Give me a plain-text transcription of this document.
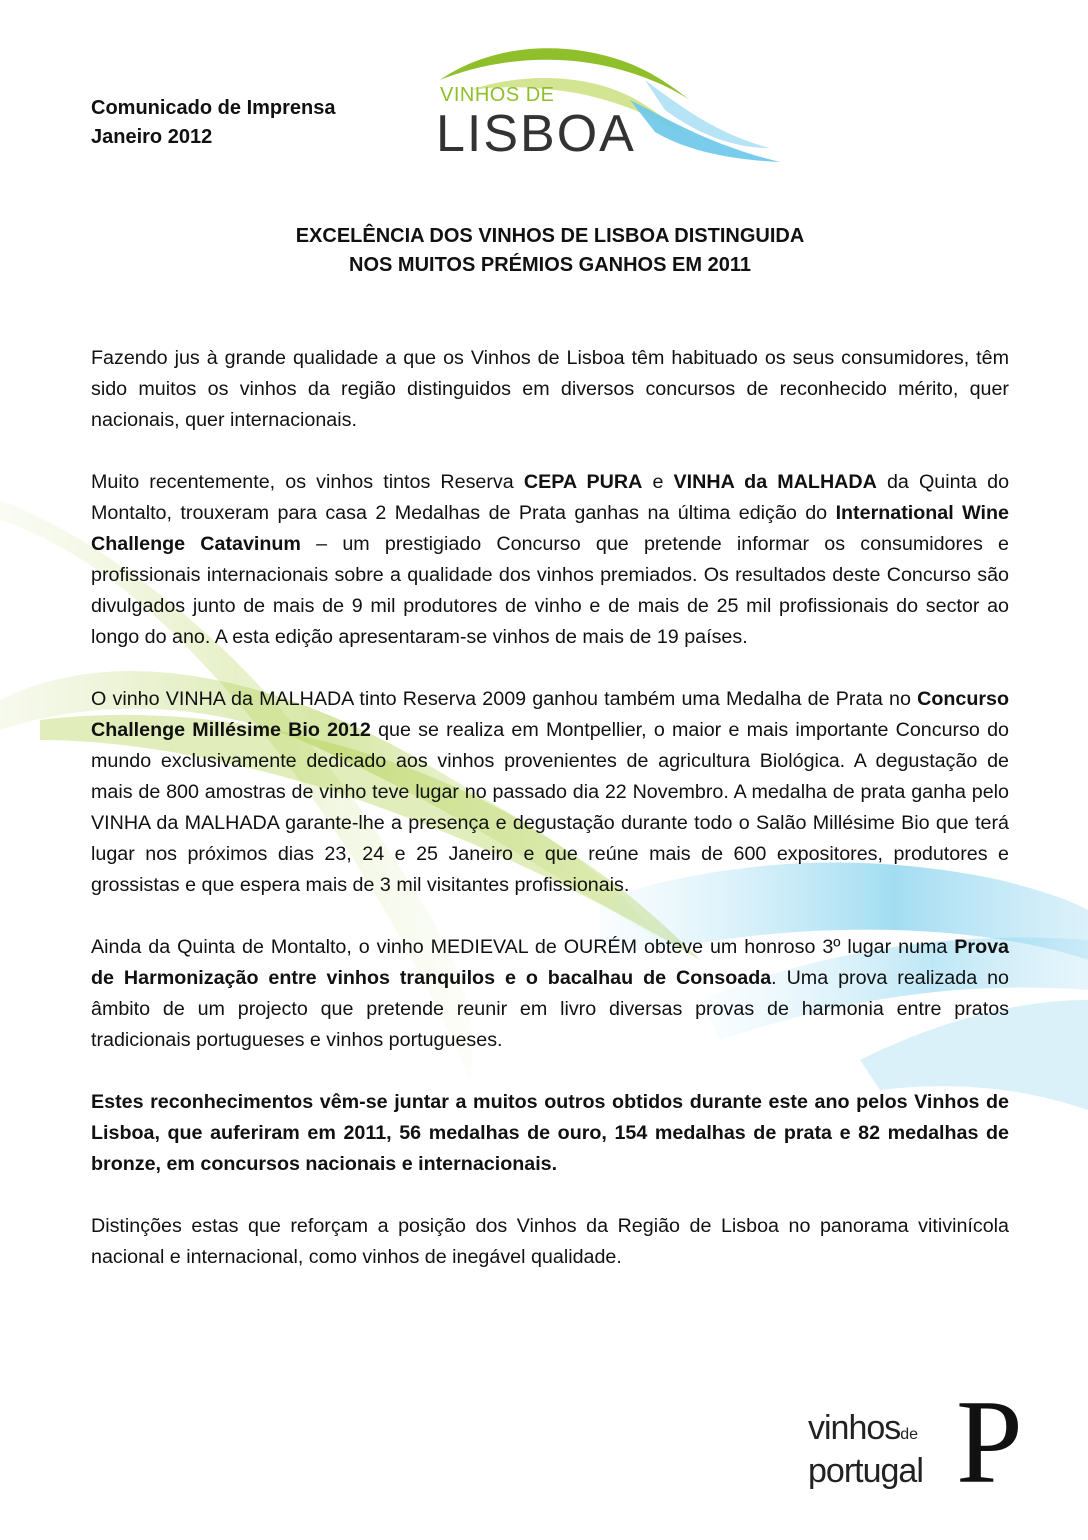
Comunicado de Imprensa
Janeiro 2012
VINHOS DE
LISBOA
EXCELÊNCIA DOS VINHOS DE LISBOA DISTINGUIDA
NOS MUITOS PRÉMIOS GANHOS EM 2011

Fazendo jus à grande qualidade a que os Vinhos de Lisboa têm habituado os seus consumidores, têm sido muitos os vinhos da região distinguidos em diversos concursos de reconhecido mérito, quer nacionais, quer internacionais.

Muito recentemente, os vinhos tintos Reserva CEPA PURA e VINHA da MALHADA da Quinta do Montalto, trouxeram para casa 2 Medalhas de Prata ganhas na última edição do International Wine Challenge Catavinum – um prestigiado Concurso que pretende informar os consumidores e profissionais internacionais sobre a qualidade dos vinhos premiados. Os resultados deste Concurso são divulgados junto de mais de 9 mil produtores de vinho e de mais de 25 mil profissionais do sector ao longo do ano. A esta edição apresentaram-se vinhos de mais de 19 países.

O vinho VINHA da MALHADA tinto Reserva 2009 ganhou também uma Medalha de Prata no Concurso Challenge Millésime Bio 2012 que se realiza em Montpellier, o maior e mais importante Concurso do mundo exclusivamente dedicado aos vinhos provenientes de agricultura Biológica. A degustação de mais de 800 amostras de vinho teve lugar no passado dia 22 Novembro. A medalha de prata ganha pelo VINHA da MALHADA garante-lhe a presença e degustação durante todo o Salão Millésime Bio que terá lugar nos próximos dias 23, 24 e 25 Janeiro e que reúne mais de 600 expositores, produtores e grossistas e que espera mais de 3 mil visitantes profissionais.

Ainda da Quinta de Montalto, o vinho MEDIEVAL de OURÉM obteve um honroso 3º lugar numa Prova de Harmonização entre vinhos tranquilos e o bacalhau de Consoada. Uma prova realizada no âmbito de um projecto que pretende reunir em livro diversas provas de harmonia entre pratos tradicionais portugueses e vinhos portugueses.

Estes reconhecimentos vêm-se juntar a muitos outros obtidos durante este ano pelos Vinhos de Lisboa, que auferiram em 2011, 56 medalhas de ouro, 154 medalhas de prata e 82 medalhas de bronze, em concursos nacionais e internacionais.

Distinções estas que reforçam a posição dos Vinhos da Região de Lisboa no panorama vitivinícola nacional e internacional, como vinhos de inegável qualidade.

vinhosde
portugal P
